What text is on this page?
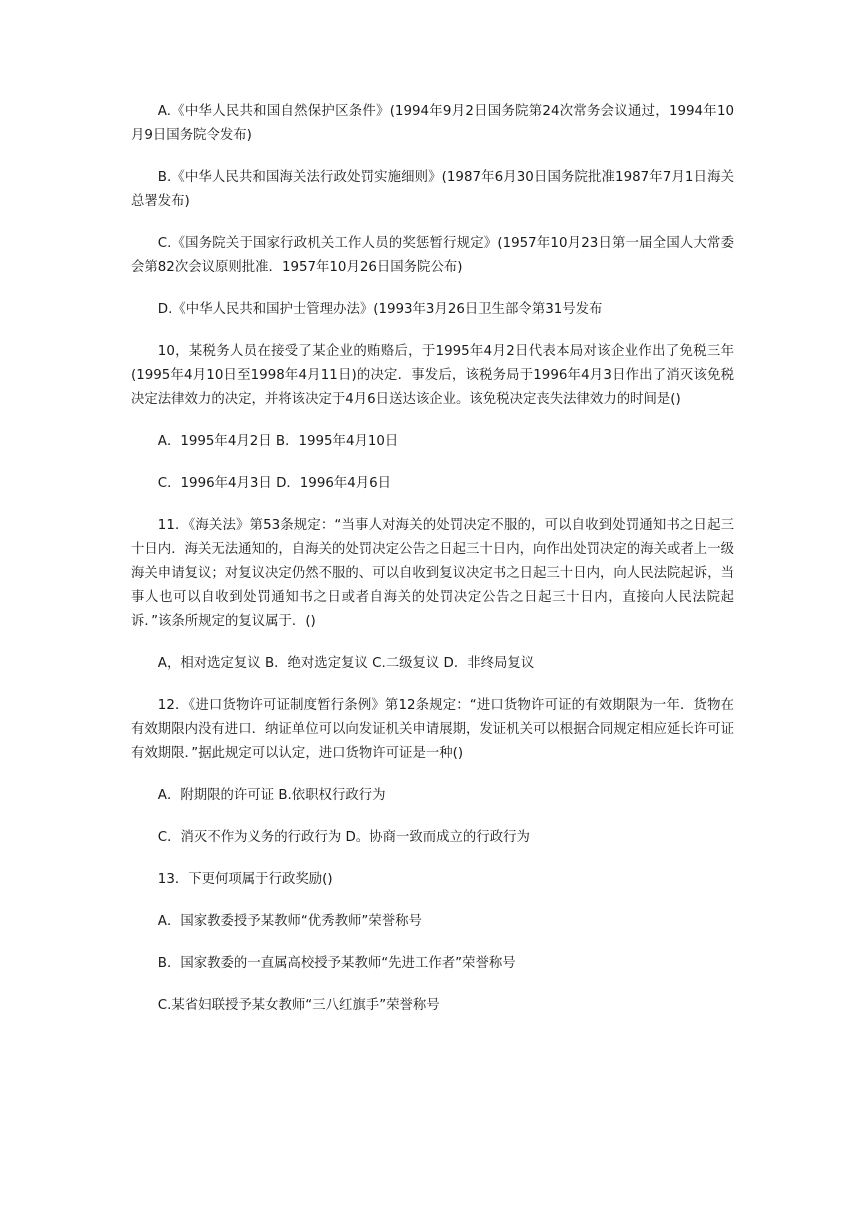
A.《中华人民共和国自然保护区条件》(1994年9月2日国务院第24次常务会议通过，1994年10月9日国务院令发布)

B.《中华人民共和国海关法行政处罚实施细则》(1987年6月30日国务院批准1987年7月1日海关总署发布)

C.《国务院关于国家行政机关工作人员的奖惩暂行规定》(1957年10月23日第一届全国人大常委会第82次会议原则批准．1957年10月26日国务院公布)

D.《中华人民共和国护士管理办法》(1993年3月26日卫生部令第31号发布

10，某税务人员在接受了某企业的贿赂后，于1995年4月2日代表本局对该企业作出了免税三年(1995年4月10日至1998年4月11日)的决定．事发后，该税务局于1996年4月3日作出了消灭该免税决定法律效力的决定，并将该决定于4月6日送达该企业。该免税决定丧失法律效力的时间是()

A．1995年4月2日 B．1995年4月10日

C．1996年4月3日 D．1996年4月6日

11．《海关法》第53条规定：“当事人对海关的处罚决定不服的，可以自收到处罚通知书之日起三十日内．海关无法通知的，自海关的处罚决定公告之日起三十日内，向作出处罚决定的海关或者上一级海关申请复议；对复议决定仍然不服的、可以自收到复议决定书之日起三十日内，向人民法院起诉，当事人也可以自收到处罚通知书之日或者自海关的处罚决定公告之日起三十日内，直接向人民法院起诉．”该条所规定的复议属于．()

A，相对选定复议 B．绝对选定复议 C.二级复议 D．非终局复议

12．《进口货物许可证制度暂行条例》第12条规定：“进口货物许可证的有效期限为一年．货物在有效期限内没有进口．纳证单位可以向发证机关申请展期，发证机关可以根据合同规定相应延长许可证有效期限．”据此规定可以认定，进口货物许可证是一种()

A．附期限的许可证 B.依职权行政行为

C．消灭不作为义务的行政行为 D。协商一致而成立的行政行为

13．下更何项属于行政奖励()

A．国家教委授予某教师“优秀教师”荣誉称号

B．国家教委的一直属高校授予某教师“先进工作者”荣誉称号

C.某省妇联授予某女教师“三八红旗手”荣誉称号
